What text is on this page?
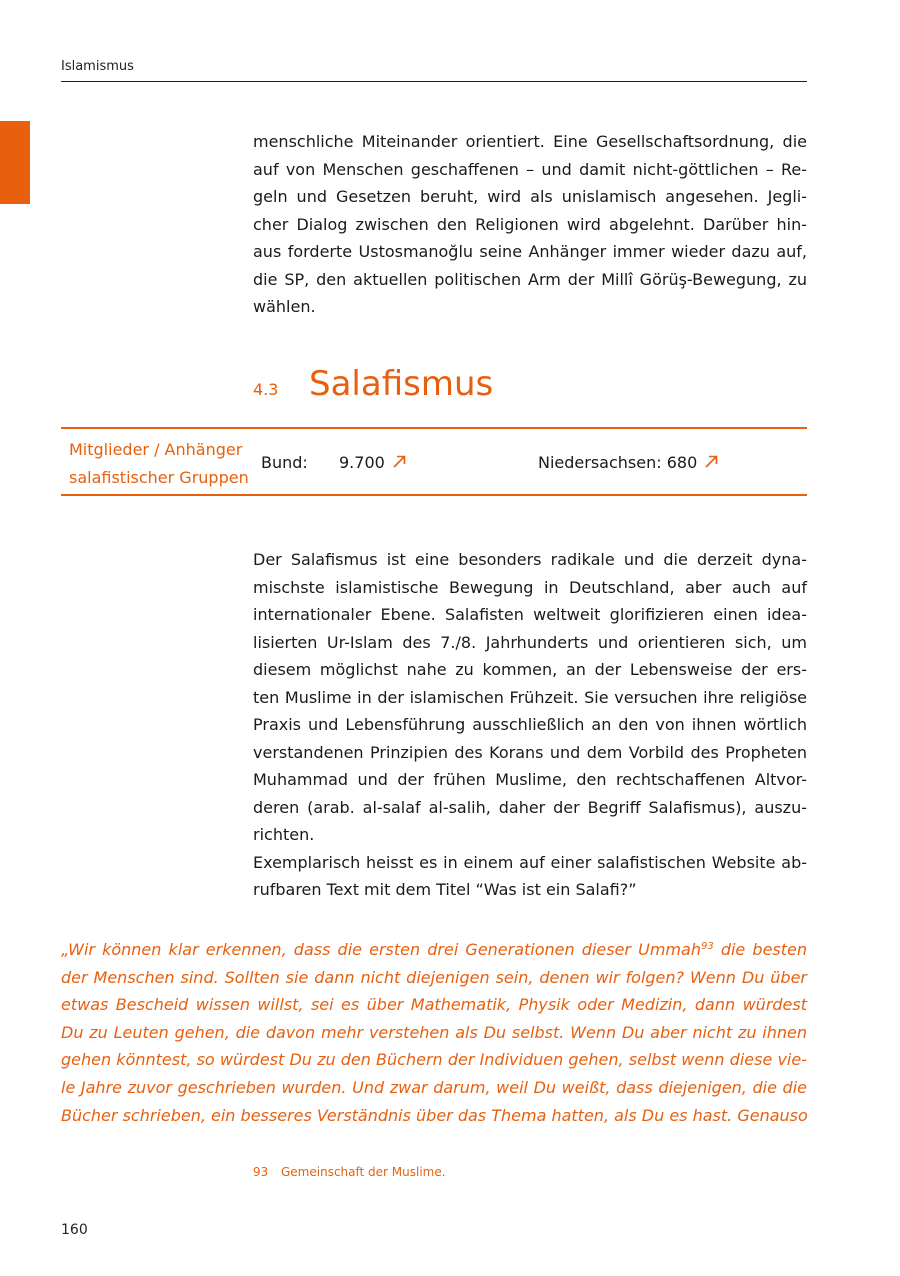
Islamismus
menschliche Miteinander orientiert. Eine Gesellschaftsordnung, die
auf von Menschen geschaffenen – und damit nicht-göttlichen – Re-
geln und Gesetzen beruht, wird als unislamisch angesehen. Jegli-
cher Dialog zwischen den Religionen wird abgelehnt. Darüber hin-
aus forderte Ustosmanoğlu seine Anhänger immer wieder dazu auf,
die SP, den aktuellen politischen Arm der Millî Görüş-Bewegung, zu
wählen.
4.3 Salafismus
Mitglieder / Anhänger
salafistischer Gruppen
Bund: 9.700	Niedersachsen: 680
Der Salafismus ist eine besonders radikale und die derzeit dyna-
mischste islamistische Bewegung in Deutschland, aber auch auf
internationaler Ebene. Salafisten weltweit glorifizieren einen idea-
lisierten Ur-Islam des 7./8. Jahrhunderts und orientieren sich, um
diesem möglichst nahe zu kommen, an der Lebensweise der ers-
ten Muslime in der islamischen Frühzeit. Sie versuchen ihre religiöse
Praxis und Lebensführung ausschließlich an den von ihnen wörtlich
verstandenen Prinzipien des Korans und dem Vorbild des Propheten
Muhammad und der frühen Muslime, den rechtschaffenen Altvor-
deren (arab. al-salaf al-salih, daher der Begriff Salafismus), auszu-
richten.
Exemplarisch heisst es in einem auf einer salafistischen Website ab-
rufbaren Text mit dem Titel “Was ist ein Salafi?”
„Wir können klar erkennen, dass die ersten drei Generationen dieser Ummah$^{93}$ die besten
der Menschen sind. Sollten sie dann nicht diejenigen sein, denen wir folgen? Wenn Du über
etwas Bescheid wissen willst, sei es über Mathematik, Physik oder Medizin, dann würdest
Du zu Leuten gehen, die davon mehr verstehen als Du selbst. Wenn Du aber nicht zu ihnen
gehen könntest, so würdest Du zu den Büchern der Individuen gehen, selbst wenn diese vie-
le Jahre zuvor geschrieben wurden. Und zwar darum, weil Du weißt, dass diejenigen, die die
Bücher schrieben, ein besseres Verständnis über das Thema hatten, als Du es hast. Genauso
93 Gemeinschaft der Muslime.
160
